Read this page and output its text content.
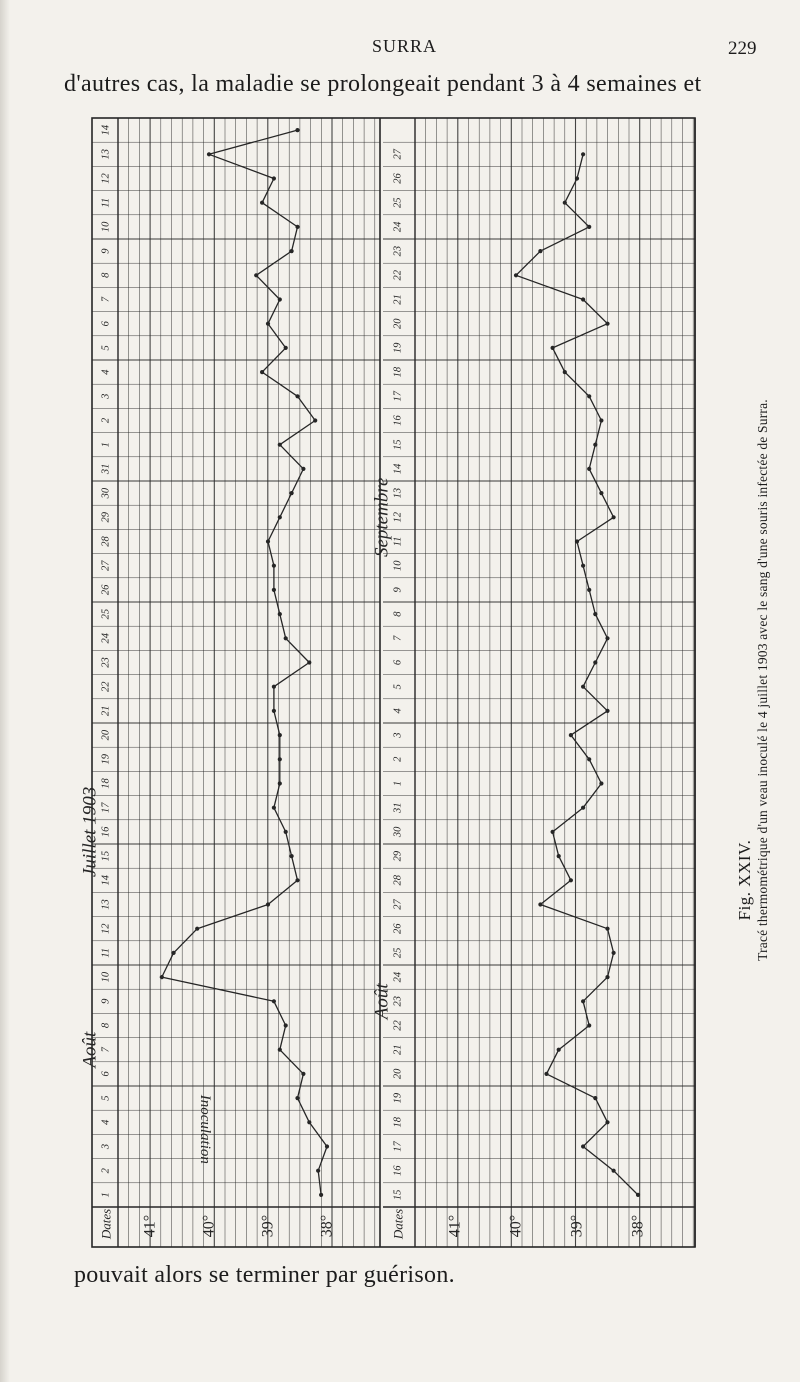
SURRA	229
d'autres cas, la maladie se prolongeait pendant 3 à 4 semaines et
Dates
1
2
3
4
5
6
7
8
9
10
11
12
13
14
15
16
17
18
19
20
21
22
23
24
25
26
27
28
29
30
31
1
2
3
4
5
6
7
8
9
10
11
12
13
14
41°	40°	39°	38°
Juillet 1903
Août
Inoculation
Dates
15
16
17
18
19
20
21
22
23
24
25
26
27
28
29
30
31
1
2
3
4
5
6
7
8
9
10
11
12
13
14
15
16
17
18
19
20
21
22
23
24
25
26
27
41°	40°	39°	38°
Août
Septembre
Fig. XXIV. Tracé thermométrique d'un veau inoculé le 4 juillet 1903 avec le sang d'une souris infectée de Surra.
pouvait alors se terminer par guérison.
